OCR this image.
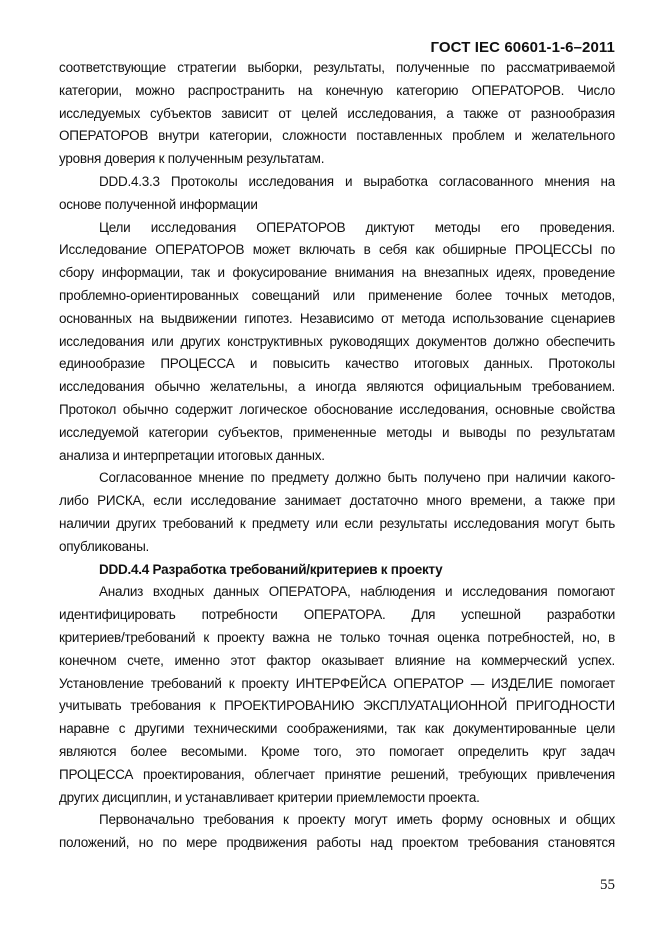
ГОСТ IEC 60601-1-6–2011
соответствующие стратегии выборки, результаты, полученные по рассматриваемой
категории, можно распространить на конечную категорию ОПЕРАТОРОВ. Число
исследуемых субъектов зависит от целей исследования, а также от разнообразия
ОПЕРАТОРОВ внутри категории, сложности поставленных проблем и желательного
уровня доверия к полученным результатам.
DDD.4.3.3 Протоколы исследования и выработка согласованного мнения на
основе полученной информации
Цели исследования ОПЕРАТОРОВ диктуют методы его проведения.
Исследование ОПЕРАТОРОВ может включать в себя как обширные ПРОЦЕССЫ по
сбору информации, так и фокусирование внимания на внезапных идеях, проведение
проблемно-ориентированных совещаний или применение более точных методов,
основанных на выдвижении гипотез. Независимо от метода использование сценариев
исследования или других конструктивных руководящих документов должно обеспечить
единообразие ПРОЦЕССА и повысить качество итоговых данных. Протоколы
исследования обычно желательны, а иногда являются официальным требованием.
Протокол обычно содержит логическое обоснование исследования, основные свойства
исследуемой категории субъектов, примененные методы и выводы по результатам
анализа и интерпретации итоговых данных.
Согласованное мнение по предмету должно быть получено при наличии какого-
либо РИСКА, если исследование занимает достаточно много времени, а также при
наличии других требований к предмету или если результаты исследования могут быть
опубликованы.
DDD.4.4 Разработка требований/критериев к проекту
Анализ входных данных ОПЕРАТОРА, наблюдения и исследования помогают
идентифицировать потребности ОПЕРАТОРА. Для успешной разработки
критериев/требований к проекту важна не только точная оценка потребностей, но, в
конечном счете, именно этот фактор оказывает влияние на коммерческий успех.
Установление требований к проекту ИНТЕРФЕЙСА ОПЕРАТОР — ИЗДЕЛИЕ помогает
учитывать требования к ПРОЕКТИРОВАНИЮ ЭКСПЛУАТАЦИОННОЙ ПРИГОДНОСТИ
наравне с другими техническими соображениями, так как документированные цели
являются более весомыми. Кроме того, это помогает определить круг задач
ПРОЦЕССА проектирования, облегчает принятие решений, требующих привлечения
других дисциплин, и устанавливает критерии приемлемости проекта.
Первоначально требования к проекту могут иметь форму основных и общих
положений, но по мере продвижения работы над проектом требования становятся
55
